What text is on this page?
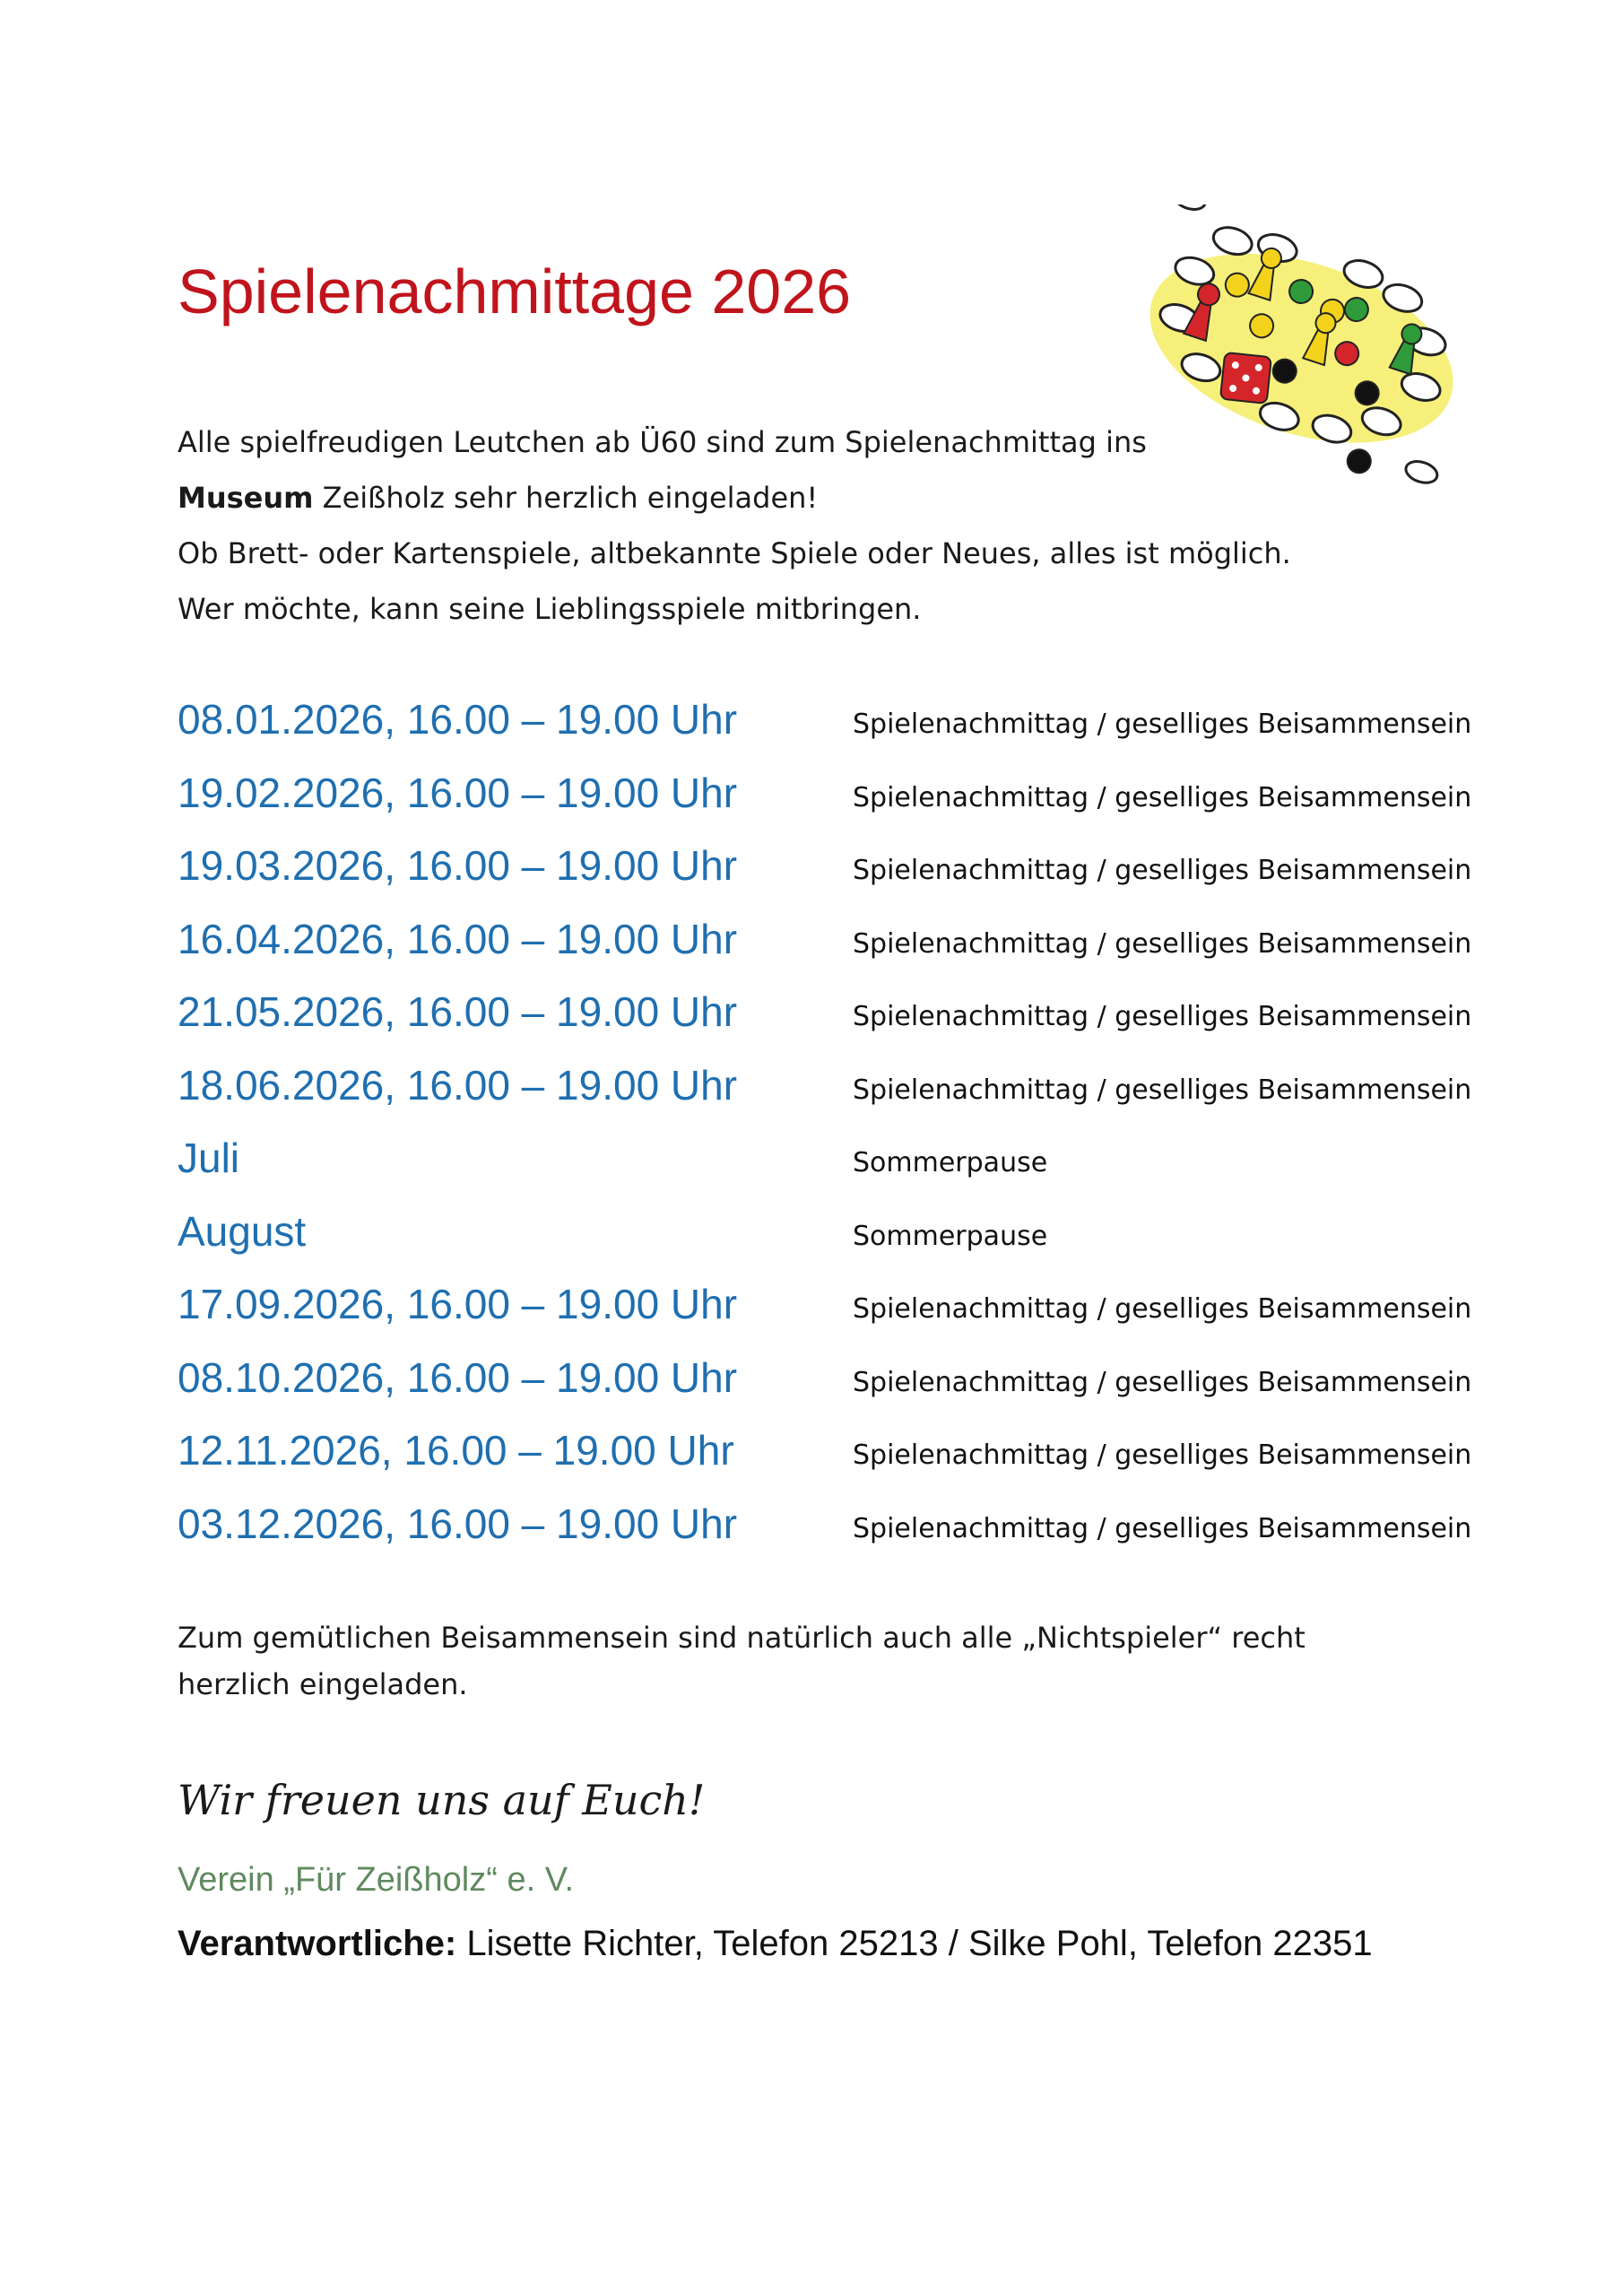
Spielenachmittage 2026

Alle spielfreudigen Leutchen ab Ü60 sind zum Spielenachmittag ins

Museum Zeißholz sehr herzlich eingeladen!

Ob Brett- oder Kartenspiele, altbekannte Spiele oder Neues, alles ist möglich.

Wer möchte, kann seine Lieblingsspiele mitbringen.

08.01.2026, 16.00 – 19.00 Uhr	Spielenachmittag / geselliges Beisammensein
19.02.2026, 16.00 – 19.00 Uhr	Spielenachmittag / geselliges Beisammensein
19.03.2026, 16.00 – 19.00 Uhr	Spielenachmittag / geselliges Beisammensein
16.04.2026, 16.00 – 19.00 Uhr	Spielenachmittag / geselliges Beisammensein
21.05.2026, 16.00 – 19.00 Uhr	Spielenachmittag / geselliges Beisammensein
18.06.2026, 16.00 – 19.00 Uhr	Spielenachmittag / geselliges Beisammensein
Juli	Sommerpause
August	Sommerpause
17.09.2026, 16.00 – 19.00 Uhr	Spielenachmittag / geselliges Beisammensein
08.10.2026, 16.00 – 19.00 Uhr	Spielenachmittag / geselliges Beisammensein
12.11.2026, 16.00 – 19.00 Uhr	Spielenachmittag / geselliges Beisammensein
03.12.2026, 16.00 – 19.00 Uhr	Spielenachmittag / geselliges Beisammensein

Zum gemütlichen Beisammensein sind natürlich auch alle „Nichtspieler“ recht herzlich eingeladen.

Wir freuen uns auf Euch!

Verein „Für Zeißholz“ e. V.

Verantwortliche: Lisette Richter, Telefon 25213 / Silke Pohl, Telefon 22351
